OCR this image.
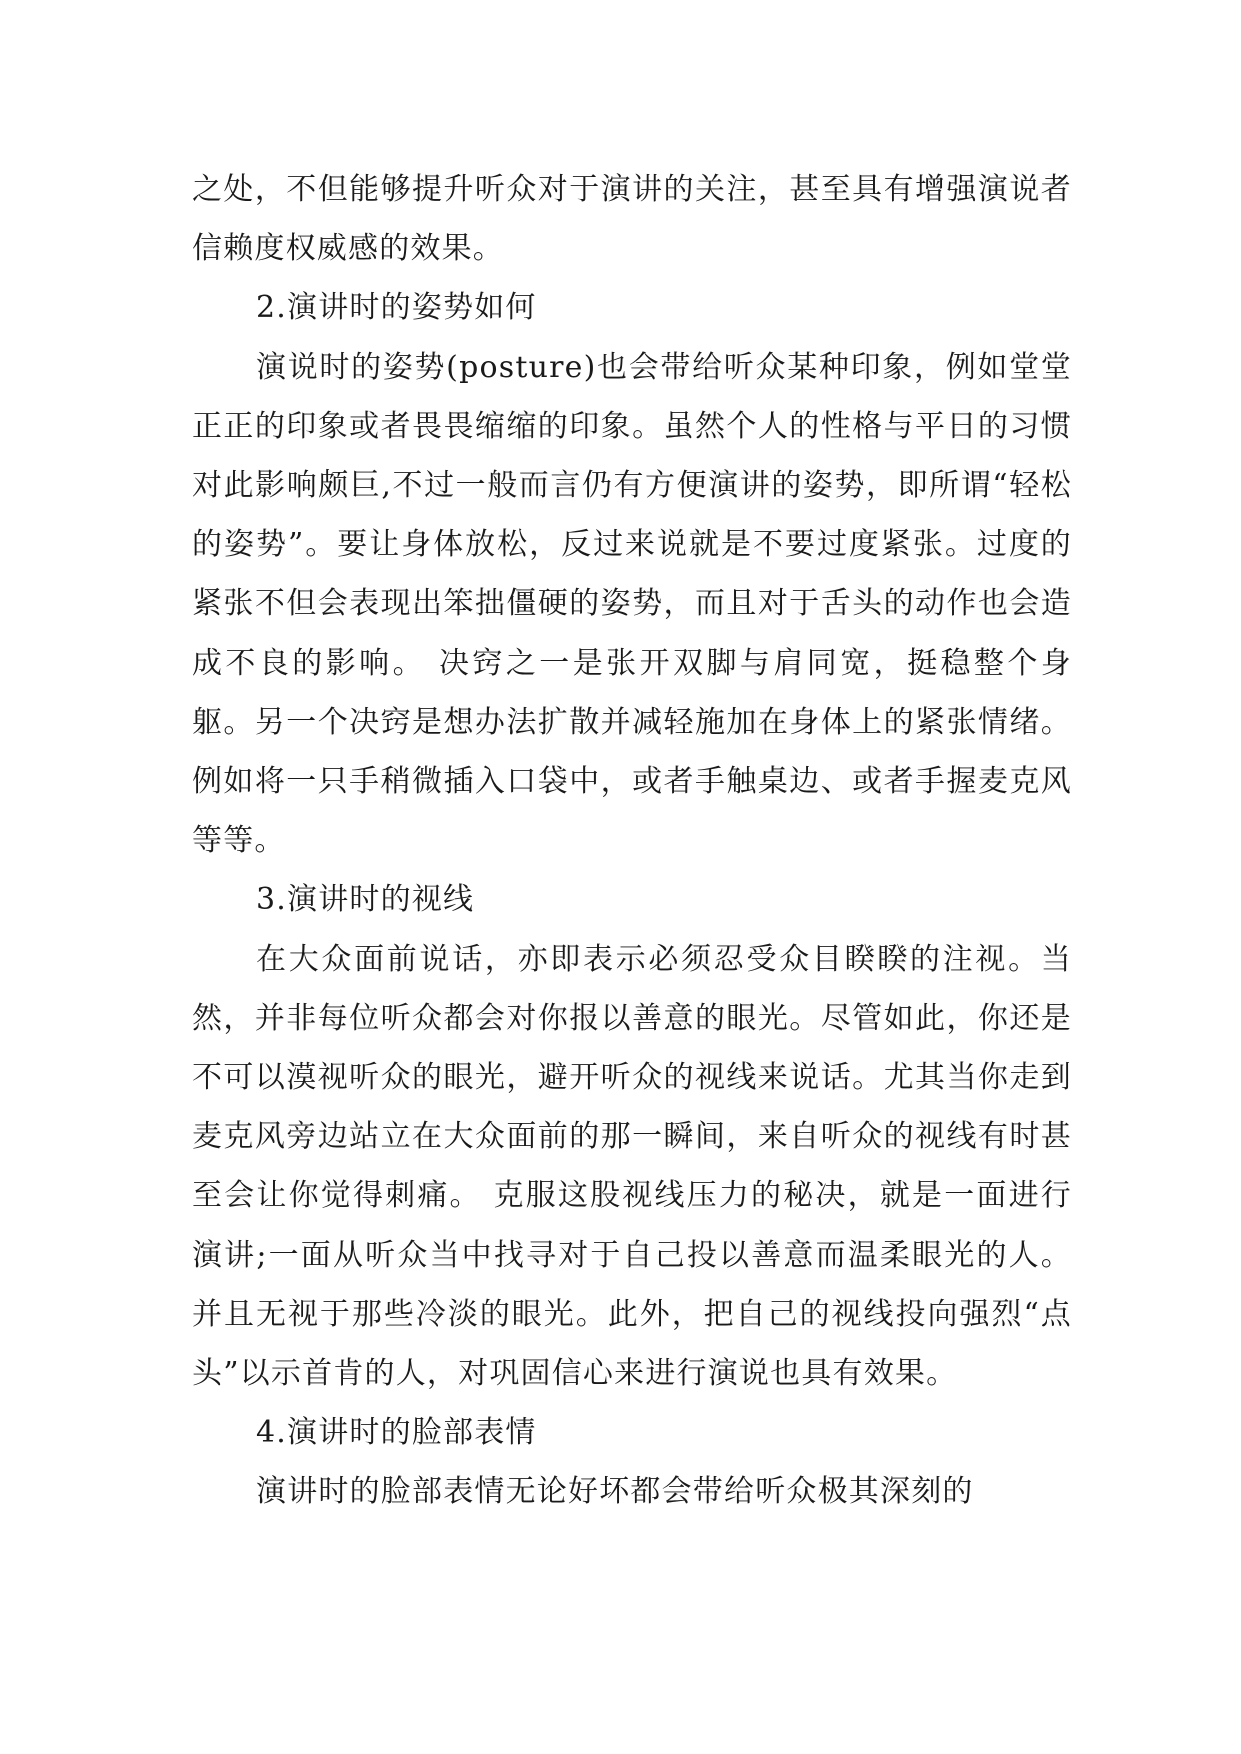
之处，不但能够提升听众对于演讲的关注，甚至具有增强演说者信赖度权威感的效果。

2.演讲时的姿势如何

演说时的姿势(posture)也会带给听众某种印象，例如堂堂正正的印象或者畏畏缩缩的印象。虽然个人的性格与平日的习惯对此影响颇巨,不过一般而言仍有方便演讲的姿势，即所谓“轻松的姿势”。要让身体放松，反过来说就是不要过度紧张。过度的紧张不但会表现出笨拙僵硬的姿势，而且对于舌头的动作也会造成不良的影响。 决窍之一是张开双脚与肩同宽，挺稳整个身躯。另一个决窍是想办法扩散并减轻施加在身体上的紧张情绪。例如将一只手稍微插入口袋中，或者手触桌边、或者手握麦克风等等。

3.演讲时的视线

在大众面前说话，亦即表示必须忍受众目睽睽的注视。当然，并非每位听众都会对你报以善意的眼光。尽管如此，你还是不可以漠视听众的眼光，避开听众的视线来说话。尤其当你走到麦克风旁边站立在大众面前的那一瞬间，来自听众的视线有时甚至会让你觉得刺痛。 克服这股视线压力的秘决，就是一面进行演讲;一面从听众当中找寻对于自己投以善意而温柔眼光的人。并且无视于那些冷淡的眼光。此外，把自己的视线投向强烈“点头”以示首肯的人，对巩固信心来进行演说也具有效果。

4.演讲时的脸部表情

演讲时的脸部表情无论好坏都会带给听众极其深刻的
